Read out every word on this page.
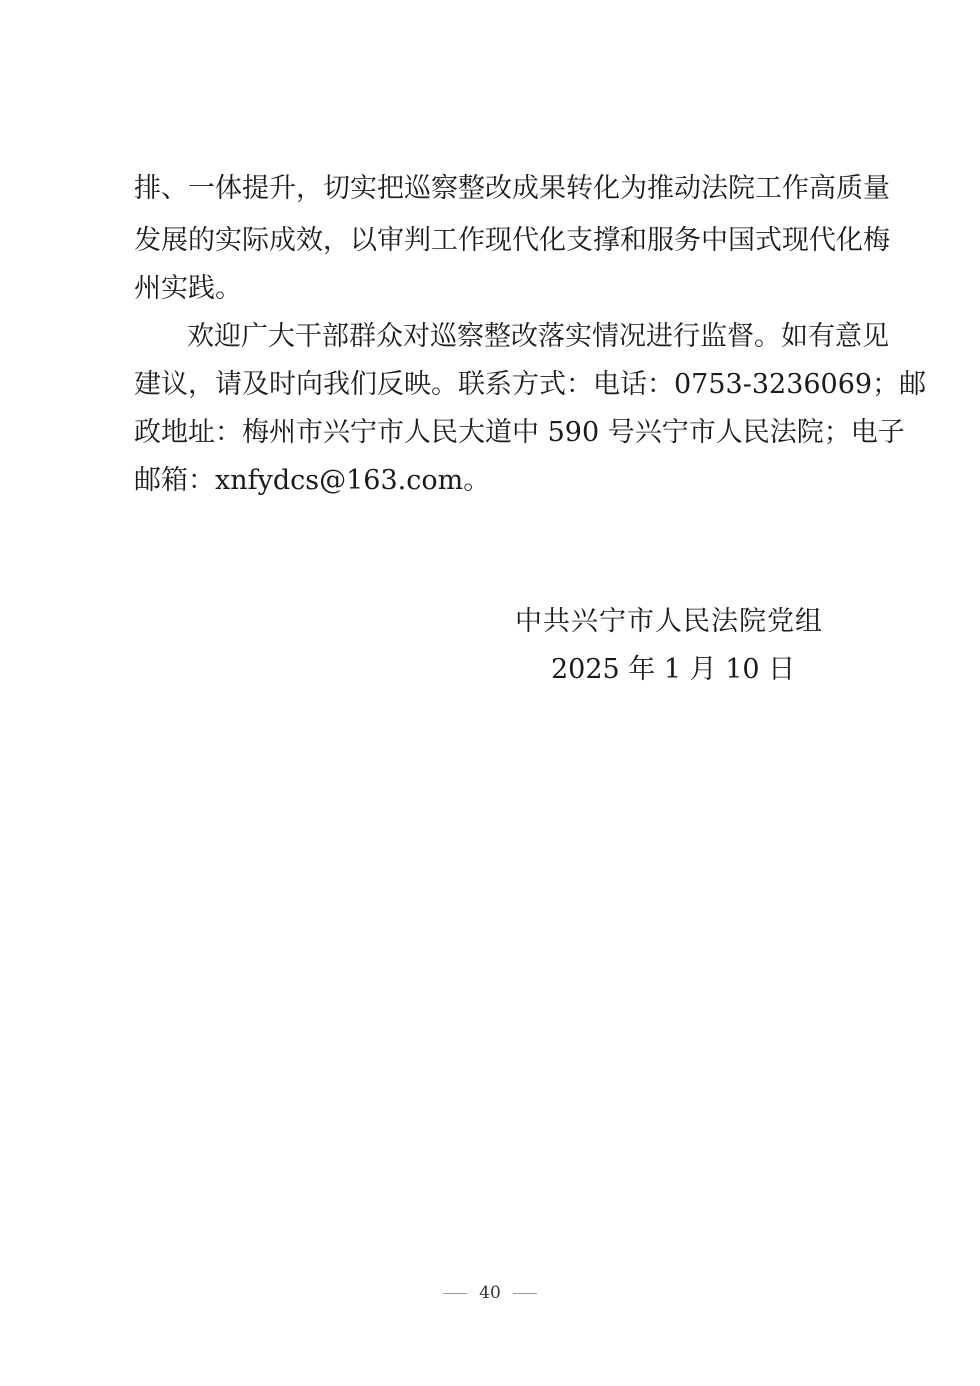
排、一体提升，切实把巡察整改成果转化为推动法院工作高质量
发展的实际成效，以审判工作现代化支撑和服务中国式现代化梅
州实践。
欢迎广大干部群众对巡察整改落实情况进行监督。如有意见
建议，请及时向我们反映。联系方式：电话：0753-3236069；邮
政地址：梅州市兴宁市人民大道中 590 号兴宁市人民法院；电子
邮箱：xnfydcs@163.com。
中共兴宁市人民法院党组
2025 年 1 月 10 日
40
